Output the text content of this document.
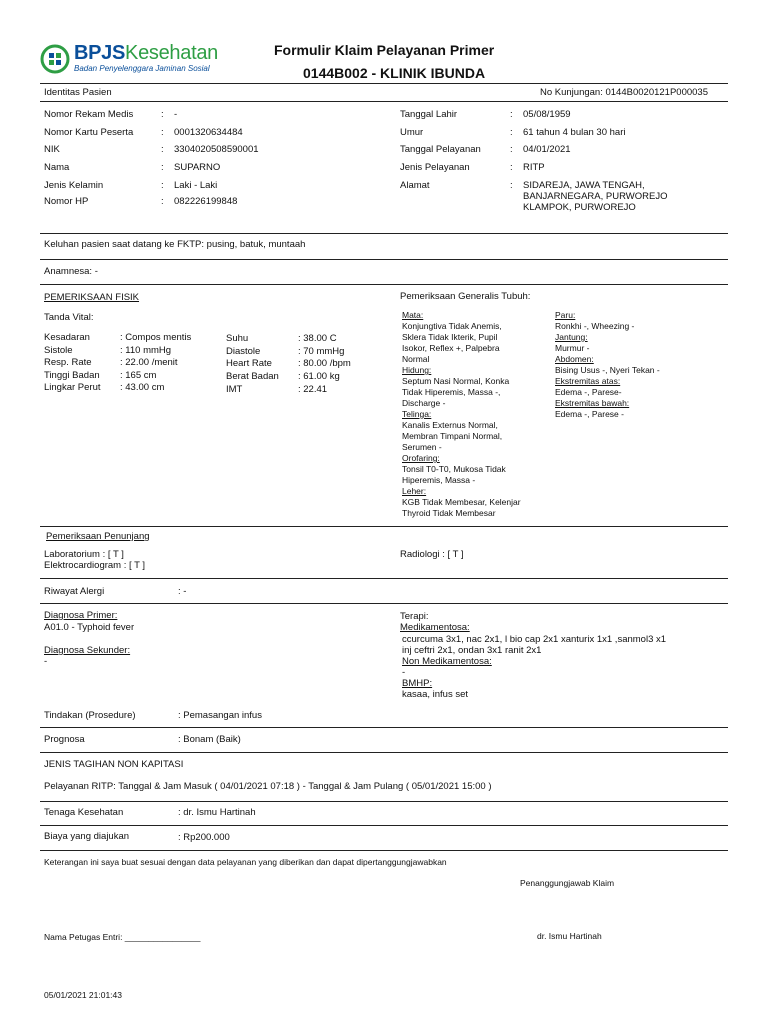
BPJSKesehatan
Badan Penyelenggara Jaminan Sosial
Formulir Klaim Pelayanan Primer
0144B002 - KLINIK IBUNDA
Identitas Pasien	No Kunjungan: 0144B0020121P000035
Nomor Rekam Medis	: -
Nomor Kartu Peserta	: 0001320634484
NIK	: 3304020508590001
Nama	: SUPARNO
Jenis Kelamin	: Laki - Laki
Nomor HP	: 082226199848
Tanggal Lahir	: 05/08/1959
Umur	: 61 tahun 4 bulan 30 hari
Tanggal Pelayanan	: 04/01/2021
Jenis Pelayanan	: RITP
Alamat	: SIDAREJA, JAWA TENGAH,
BANJARNEGARA, PURWOREJO
KLAMPOK, PURWOREJO
Keluhan pasien saat datang ke FKTP: pusing, batuk, muntaah
Anamnesa: -
PEMERIKSAAN FISIK
Tanda Vital:
Kesadaran	: Compos mentis
Sistole	: 110 mmHg
Resp. Rate	: 22.00 /menit
Tinggi Badan : 165 cm
Lingkar Perut : 43.00 cm
Suhu	: 38.00 C
Diastole	: 70 mmHg
Heart Rate	: 80.00 /bpm
Berat Badan : 61.00 kg
IMT	: 22.41
Pemeriksaan Generalis Tubuh:
Mata:
Konjungtiva Tidak Anemis,
Sklera Tidak Ikterik, Pupil
Isokor, Reflex +, Palpebra
Normal
Hidung:
Septum Nasi Normal, Konka
Tidak Hiperemis, Massa -,
Discharge -
Telinga:
Kanalis Externus Normal,
Membran Timpani Normal,
Serumen -
Orofaring:
Tonsil T0-T0, Mukosa Tidak
Hiperemis, Massa -
Leher:
KGB Tidak Membesar, Kelenjar
Thyroid Tidak Membesar
Paru:
Ronkhi -, Wheezing -
Jantung:
Murmur -
Abdomen:
Bising Usus -, Nyeri Tekan -
Ekstremitas atas:
Edema -, Parese-
Ekstremitas bawah:
Edema -, Parese -
Pemeriksaan Penunjang
Laboratorium : [ T ]
Elektrocardiogram : [ T ]
Radiologi : [ T ]
Riwayat Alergi	: -
Diagnosa Primer:
A01.0 - Typhoid fever
Diagnosa Sekunder:
-
Terapi:
Medikamentosa:
ccurcuma 3x1, nac 2x1, l bio cap 2x1 xanturix 1x1 ,sanmol3 x1
inj ceftri 2x1, ondan 3x1 ranit 2x1
Non Medikamentosa:
-
BMHP:
kasaa, infus set
Tindakan (Prosedure)	: Pemasangan infus
Prognosa	: Bonam (Baik)
JENIS TAGIHAN NON KAPITASI
Pelayanan RITP: Tanggal & Jam Masuk ( 04/01/2021 07:18 ) - Tanggal & Jam Pulang ( 05/01/2021 15:00 )
Tenaga Kesehatan	: dr. Ismu Hartinah
Biaya yang diajukan	: Rp200.000
Keterangan ini saya buat sesuai dengan data pelayanan yang diberikan dan dapat dipertanggungjawabkan
Penanggungjawab Klaim
Nama Petugas Entri: ________________	dr. Ismu Hartinah
05/01/2021 21:01:43
